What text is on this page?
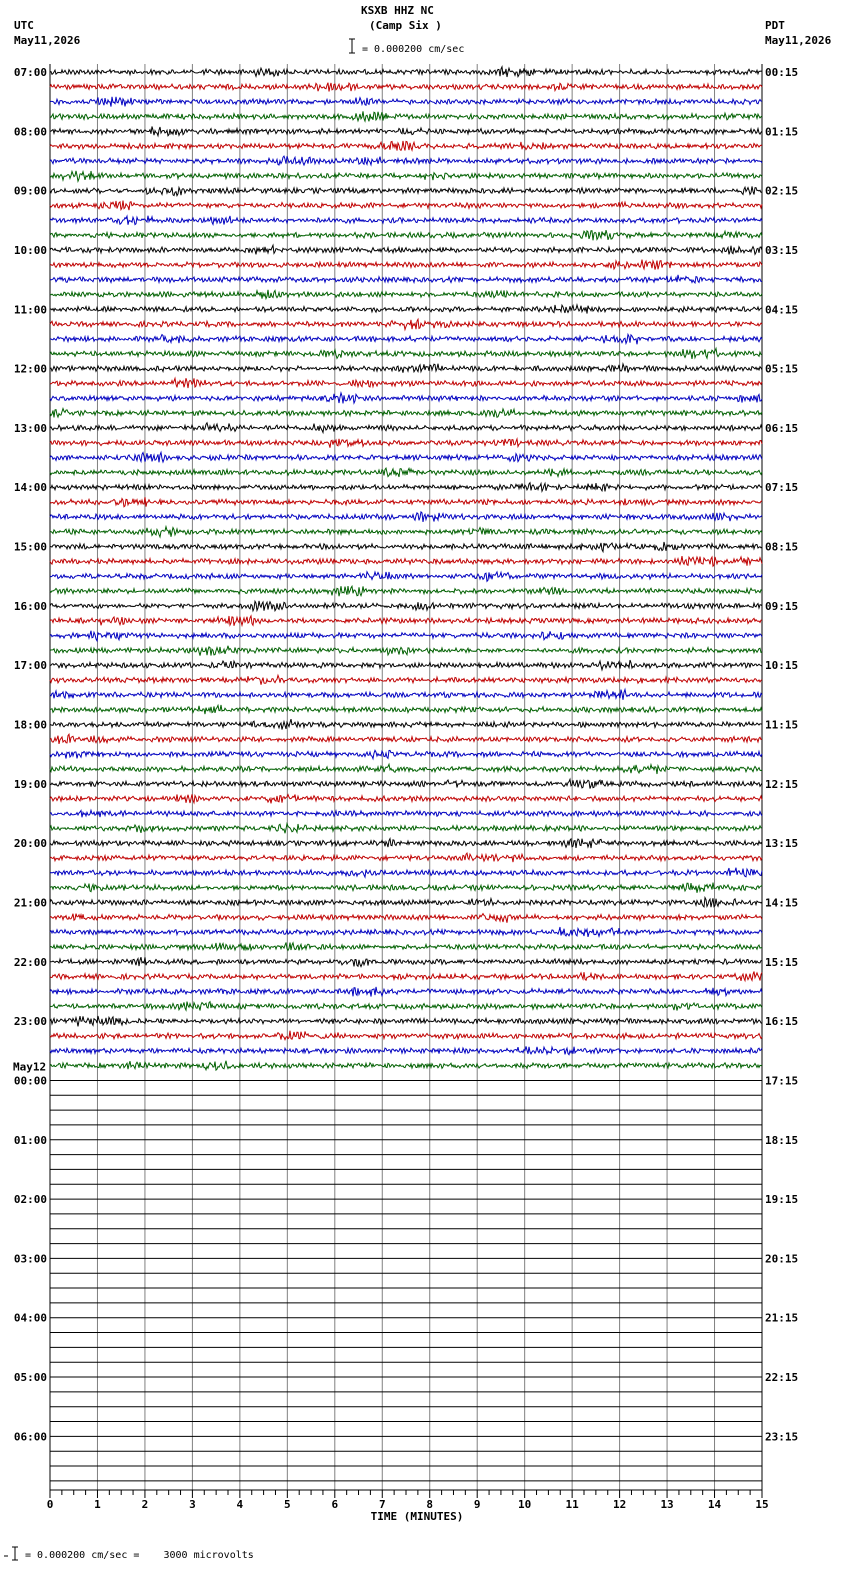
KSXB HHZ NC
(Camp Six )
UTC
May11,2026
PDT
May11,2026
= 0.000200 cm/sec
= 0.000200 cm/sec =    3000 microvolts
07:00
08:00
09:00
10:00
11:00
12:00
13:00
14:00
15:00
16:00
17:00
18:00
19:00
20:00
21:00
22:00
23:00
00:00
01:00
02:00
03:00
04:00
05:00
06:00
00:15
01:15
02:15
03:15
04:15
05:15
06:15
07:15
08:15
09:15
10:15
11:15
12:15
13:15
14:15
15:15
16:15
17:15
18:15
19:15
20:15
21:15
22:15
23:15
May12
0	1	2	3	4	5	6	7	8	9	10	11	12	13	14	15
TIME (MINUTES)
